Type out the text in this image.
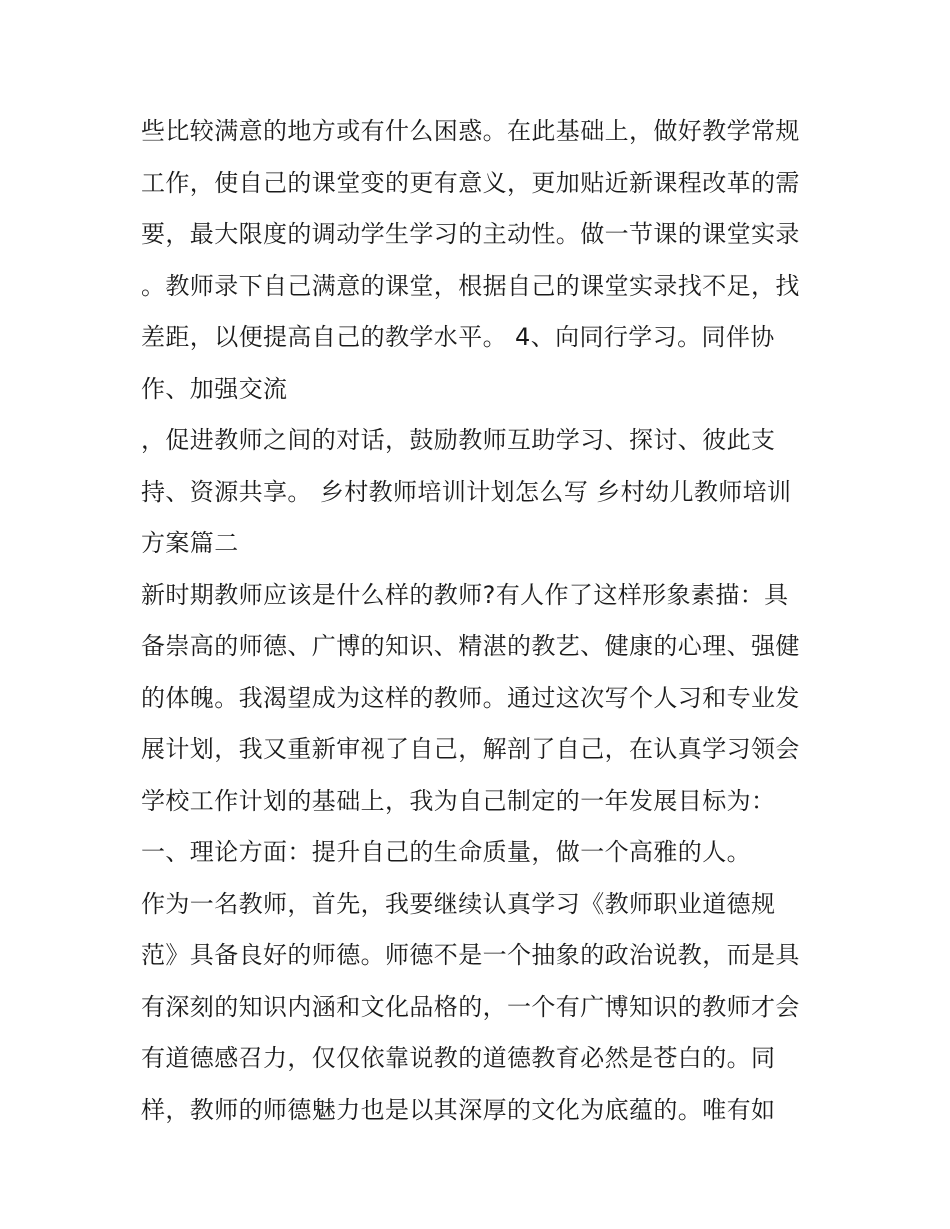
些比较满意的地方或有什么困惑。在此基础上，做好教学常规
工作，使自己的课堂变的更有意义，更加贴近新课程改革的需
要，最大限度的调动学生学习的主动性。做一节课的课堂实录
。教师录下自己满意的课堂，根据自己的课堂实录找不足，找
差距，以便提高自己的教学水平。 4、向同行学习。同伴协
作、加强交流
，促进教师之间的对话，鼓励教师互助学习、探讨、彼此支
持、资源共享。 乡村教师培训计划怎么写 乡村幼儿教师培训
方案篇二
新时期教师应该是什么样的教师?有人作了这样形象素描：具
备崇高的师德、广博的知识、精湛的教艺、健康的心理、强健
的体魄。我渴望成为这样的教师。通过这次写个人习和专业发
展计划，我又重新审视了自己，解剖了自己，在认真学习领会
学校工作计划的基础上，我为自己制定的一年发展目标为：
一、理论方面：提升自己的生命质量，做一个高雅的人。
作为一名教师，首先，我要继续认真学习《教师职业道德规
范》具备良好的师德。师德不是一个抽象的政治说教，而是具
有深刻的知识内涵和文化品格的，一个有广博知识的教师才会
有道德感召力，仅仅依靠说教的道德教育必然是苍白的。同
样，教师的师德魅力也是以其深厚的文化为底蕴的。唯有如
